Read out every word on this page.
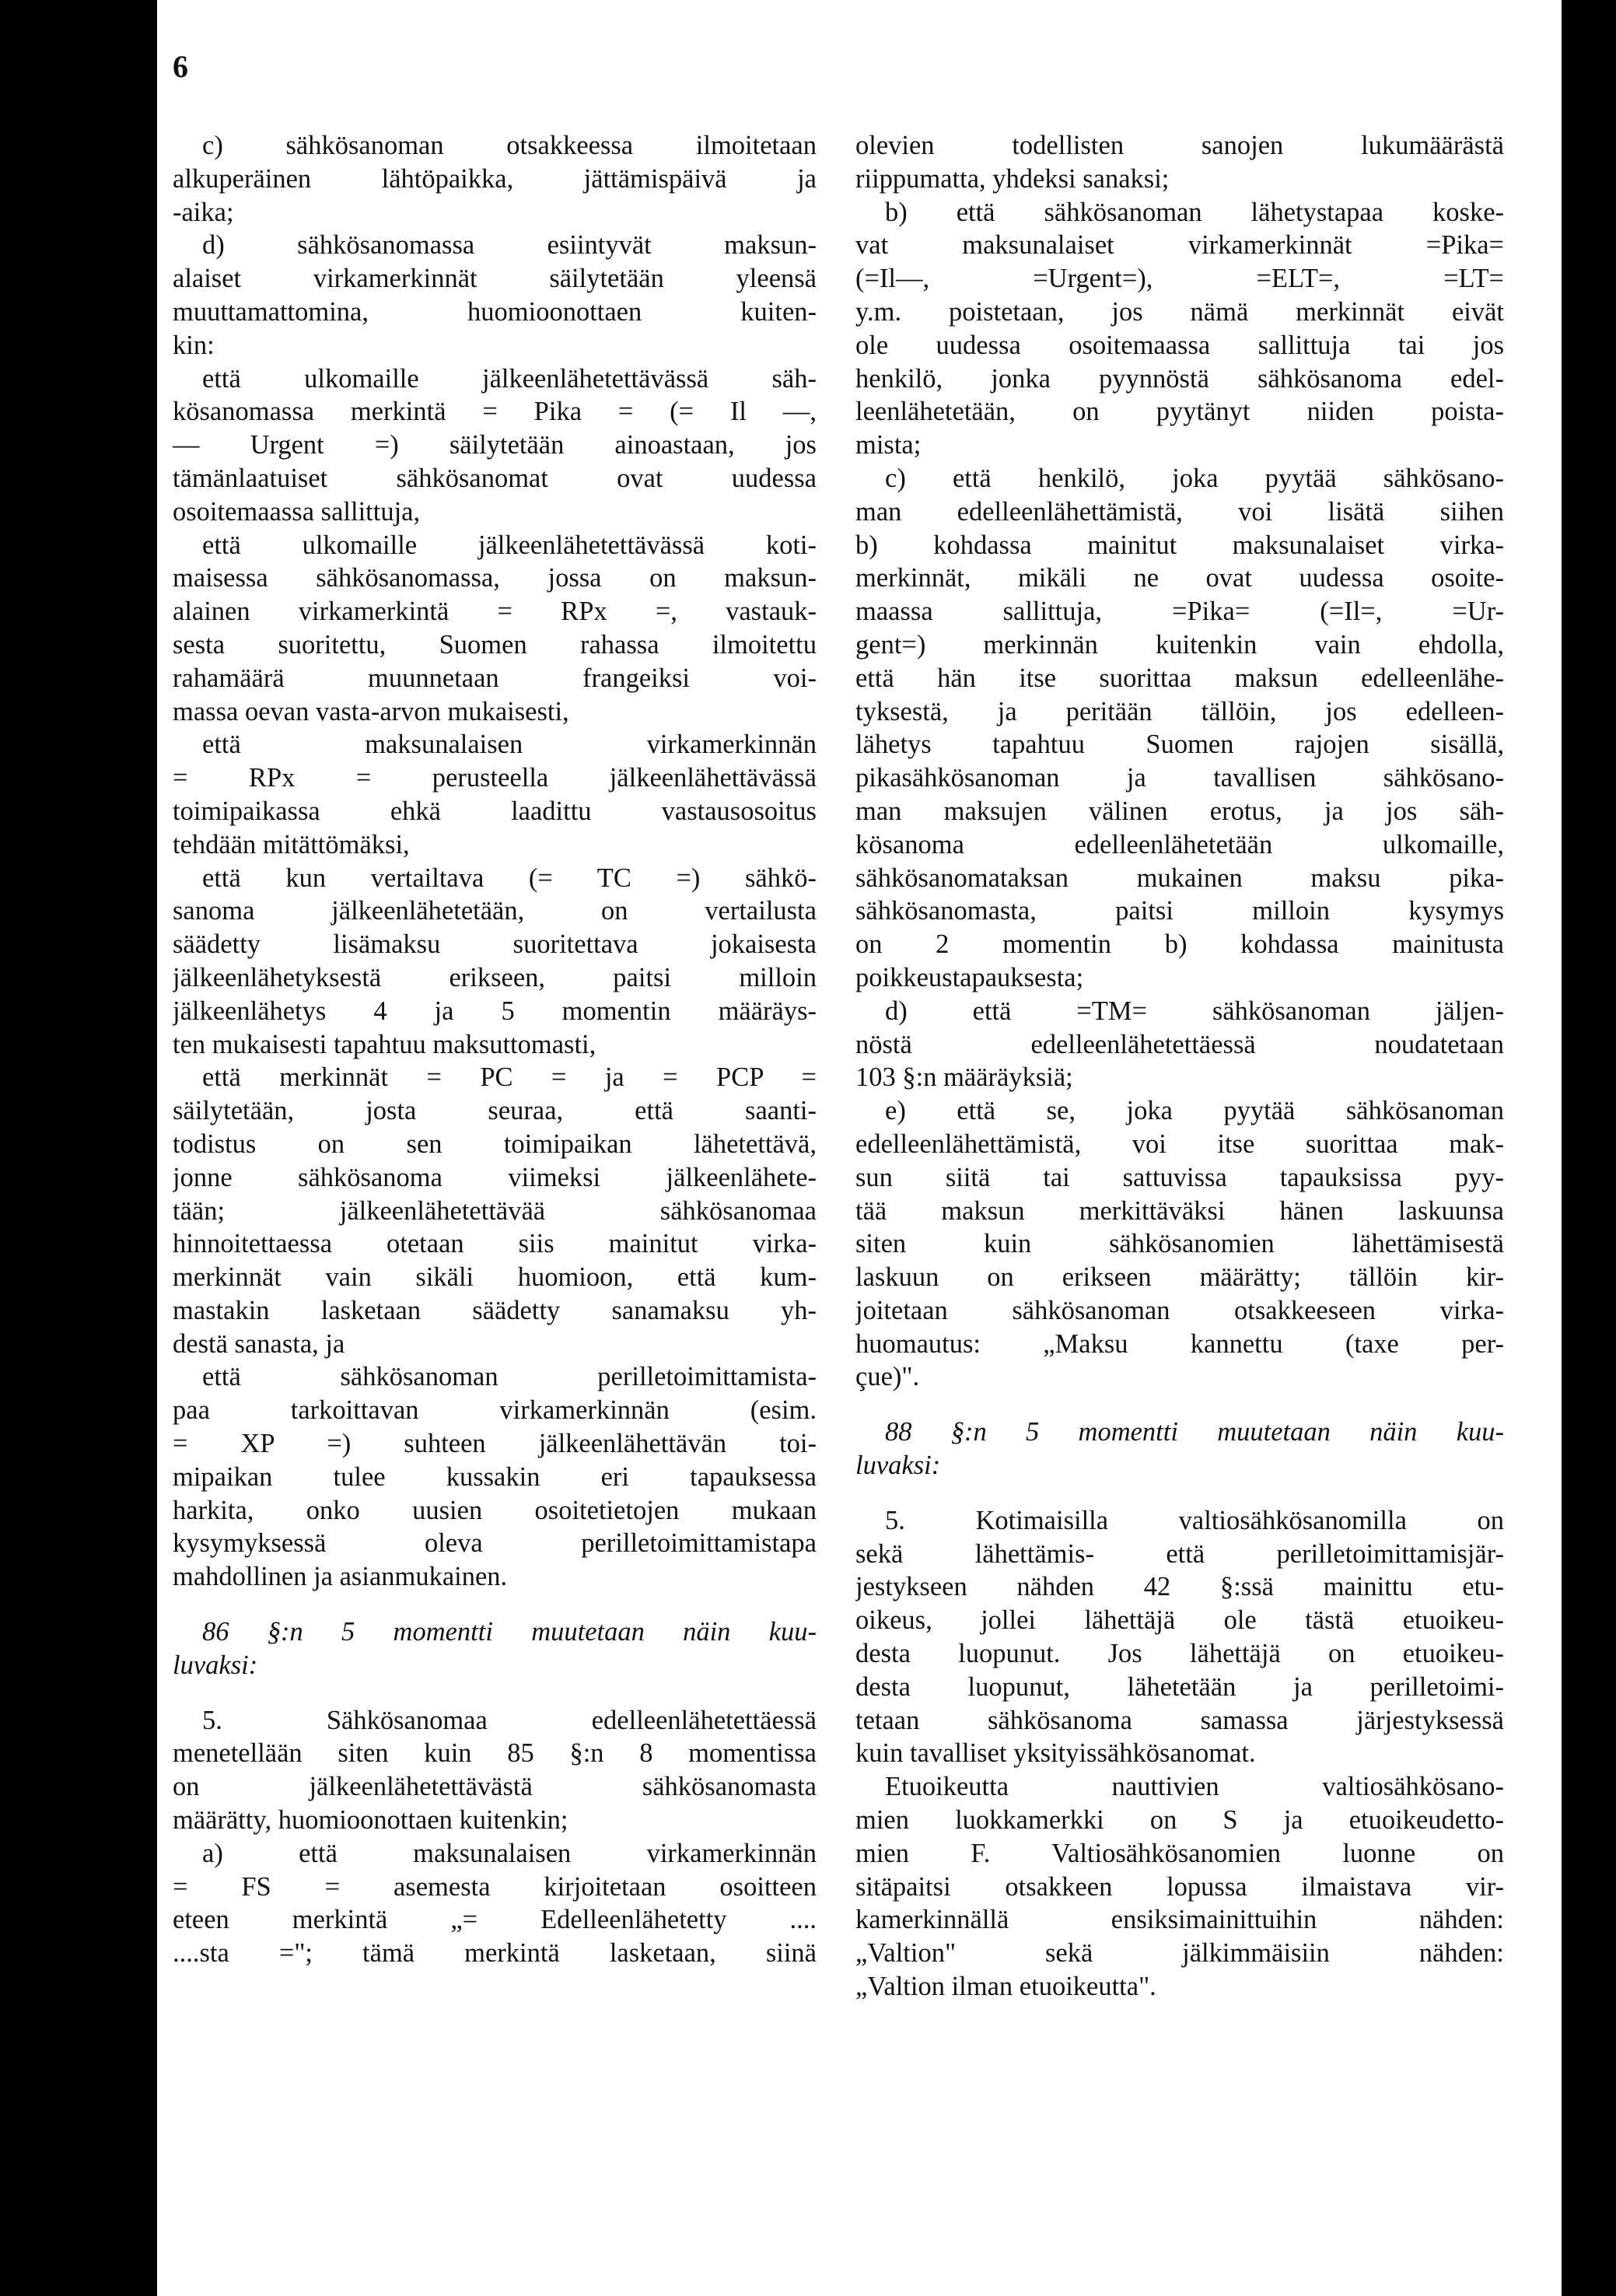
6
c) sähkösanoman otsakkeessa ilmoitetaan
alkuperäinen lähtöpaikka, jättämispäivä ja
-aika;
d) sähkösanomassa esiintyvät maksun-
alaiset virkamerkinnät säilytetään yleensä
muuttamattomina, huomioonottaen kuiten-
kin:
että ulkomaille jälkeenlähetettävässä säh-
kösanomassa merkintä = Pika = (= Il —,
— Urgent =) säilytetään ainoastaan, jos
tämänlaatuiset sähkösanomat ovat uudessa
osoitemaassa sallittuja,
että ulkomaille jälkeenlähetettävässä koti-
maisessa sähkösanomassa, jossa on maksun-
alainen virkamerkintä = RPx =, vastauk-
sesta suoritettu, Suomen rahassa ilmoitettu
rahamäärä muunnetaan frangeiksi voi-
massa oevan vasta-arvon mukaisesti,
että maksunalaisen virkamerkinnän
= RPx = perusteella jälkeenlähettävässä
toimipaikassa ehkä laadittu vastausosoitus
tehdään mitättömäksi,
että kun vertailtava (= TC =) sähkö-
sanoma jälkeenlähetetään, on vertailusta
säädetty lisämaksu suoritettava jokaisesta
jälkeenlähetyksestä erikseen, paitsi milloin
jälkeenlähetys 4 ja 5 momentin määräys-
ten mukaisesti tapahtuu maksuttomasti,
että merkinnät = PC = ja = PCP =
säilytetään, josta seuraa, että saanti-
todistus on sen toimipaikan lähetettävä,
jonne sähkösanoma viimeksi jälkeenlähete-
tään; jälkeenlähetettävää sähkösanomaa
hinnoitettaessa otetaan siis mainitut virka-
merkinnät vain sikäli huomioon, että kum-
mastakin lasketaan säädetty sanamaksu yh-
destä sanasta, ja
että sähkösanoman perilletoimittamista-
paa tarkoittavan virkamerkinnän (esim.
= XP =) suhteen jälkeenlähettävän toi-
mipaikan tulee kussakin eri tapauksessa
harkita, onko uusien osoitetietojen mukaan
kysymyksessä oleva perilletoimittamistapa
mahdollinen ja asianmukainen.
86 §:n 5 momentti muutetaan näin kuu-
luvaksi:
5. Sähkösanomaa edelleenlähetettäessä
menetellään siten kuin 85 §:n 8 momentissa
on jälkeenlähetettävästä sähkösanomasta
määrätty, huomioonottaen kuitenkin;
a) että maksunalaisen virkamerkinnän
= FS = asemesta kirjoitetaan osoitteen
eteen merkintä „= Edelleenlähetetty ....
....sta ="; tämä merkintä lasketaan, siinä
olevien todellisten sanojen lukumäärästä
riippumatta, yhdeksi sanaksi;
b) että sähkösanoman lähetystapaa koske-
vat maksunalaiset virkamerkinnät =Pika=
(=Il—, =Urgent=), =ELT=, =LT=
y.m. poistetaan, jos nämä merkinnät eivät
ole uudessa osoitemaassa sallittuja tai jos
henkilö, jonka pyynnöstä sähkösanoma edel-
leenlähetetään, on pyytänyt niiden poista-
mista;
c) että henkilö, joka pyytää sähkösano-
man edelleenlähettämistä, voi lisätä siihen
b) kohdassa mainitut maksunalaiset virka-
merkinnät, mikäli ne ovat uudessa osoite-
maassa sallittuja, =Pika= (=Il=, =Ur-
gent=) merkinnän kuitenkin vain ehdolla,
että hän itse suorittaa maksun edelleenlähe-
tyksestä, ja peritään tällöin, jos edelleen-
lähetys tapahtuu Suomen rajojen sisällä,
pikasähkösanoman ja tavallisen sähkösano-
man maksujen välinen erotus, ja jos säh-
kösanoma edelleenlähetetään ulkomaille,
sähkösanomataksan mukainen maksu pika-
sähkösanomasta, paitsi milloin kysymys
on 2 momentin b) kohdassa mainitusta
poikkeustapauksesta;
d) että =TM= sähkösanoman jäljen-
nöstä edelleenlähetettäessä noudatetaan
103 §:n määräyksiä;
e) että se, joka pyytää sähkösanoman
edelleenlähettämistä, voi itse suorittaa mak-
sun siitä tai sattuvissa tapauksissa pyy-
tää maksun merkittäväksi hänen laskuunsa
siten kuin sähkösanomien lähettämisestä
laskuun on erikseen määrätty; tällöin kir-
joitetaan sähkösanoman otsakkeeseen virka-
huomautus: „Maksu kannettu (taxe per-
çue)".
88 §:n 5 momentti muutetaan näin kuu-
luvaksi:
5. Kotimaisilla valtiosähkösanomilla on
sekä lähettämis- että perilletoimittamisjär-
jestykseen nähden 42 §:ssä mainittu etu-
oikeus, jollei lähettäjä ole tästä etuoikeu-
desta luopunut. Jos lähettäjä on etuoikeu-
desta luopunut, lähetetään ja perilletoimi-
tetaan sähkösanoma samassa järjestyksessä
kuin tavalliset yksityissähkösanomat.
Etuoikeutta nauttivien valtiosähkösano-
mien luokkamerkki on S ja etuoikeudetto-
mien F. Valtiosähkösanomien luonne on
sitäpaitsi otsakkeen lopussa ilmaistava vir-
kamerkinnällä ensiksimainittuihin nähden:
„Valtion" sekä jälkimmäisiin nähden:
„Valtion ilman etuoikeutta".
